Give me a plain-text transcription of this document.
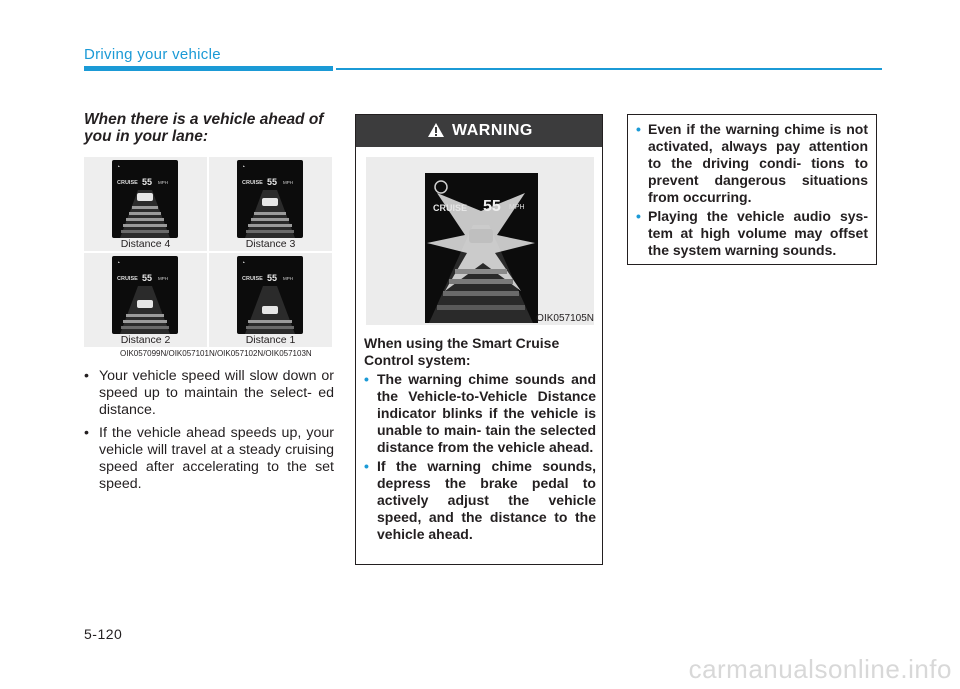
Driving your vehicle
When there is a vehicle ahead of you in your lane:
◔
CRUISE 55 MPH
Distance 4
◔
CRUISE 55 MPH
Distance 3
◔
CRUISE 55 MPH
Distance 2
◔
CRUISE 55 MPH
Distance 1
OIK057099N/OIK057101N/OIK057102N/OIK057103N
• Your vehicle speed will slow down or speed up to maintain the select- ed distance.
• If the vehicle ahead speeds up, your vehicle will travel at a steady cruising speed after accelerating to the set speed.
WARNING
CRUISE 55 MPH
OIK057105N
When using the Smart Cruise Control system:
• The warning chime sounds and the Vehicle-to-Vehicle Distance indicator blinks if the vehicle is unable to main- tain the selected distance from the vehicle ahead.
• If the warning chime sounds, depress the brake pedal to actively adjust the vehicle speed, and the distance to the vehicle ahead.
• Even if the warning chime is not activated, always pay attention to the driving condi- tions to prevent dangerous situations from occurring.
• Playing the vehicle audio sys- tem at high volume may offset the system warning sounds.
5-120
carmanualsonline.info
